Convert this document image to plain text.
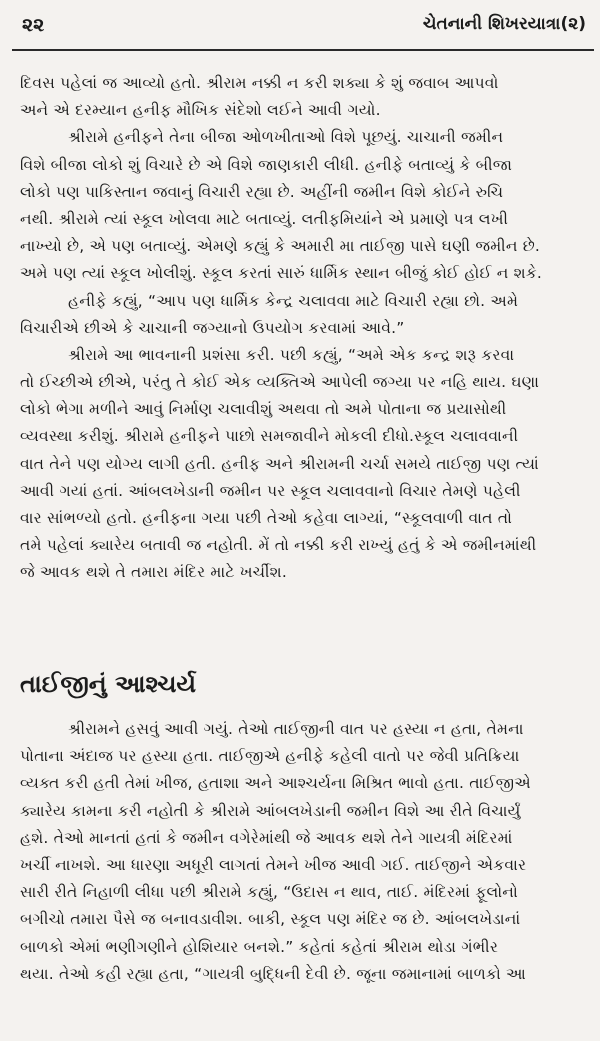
૨૨	ચેતનાની શિખરયાત્રા(૨)
દિવસ પહેલાં જ આવ્યો હતો. શ્રીરામ નક્કી ન કરી શક્યા કે શું જવાબ આપવો
અને એ દરમ્યાન હનીફ મૌખિક સંદેશો લઈને આવી ગયો.
શ્રીરામે હનીફને તેના બીજા ઓળખીતાઓ વિશે પૂછયું. ચાચાની જમીન
વિશે બીજા લોકો શું વિચારે છે એ વિશે જાણકારી લીધી. હનીફે બતાવ્યું કે બીજા
લોકો પણ પાકિસ્તાન જવાનું વિચારી રહ્યા છે. અહીંની જમીન વિશે કોઈને રુચિ
નથી. શ્રીરામે ત્યાં સ્કૂલ ખોલવા માટે બતાવ્યું. લતીફમિયાંને એ પ્રમાણે પત્ર લખી
નાખ્યો છે, એ પણ બતાવ્યું. એમણે કહ્યું કે અમારી મા તાઈજી પાસે ઘણી જમીન છે.
અમે પણ ત્યાં સ્કૂલ ખોલીશું. સ્કૂલ કરતાં સારું ધાર્મિક સ્થાન બીજું કોઈ હોઈ ન શકે.
હનીફે કહ્યું, “આપ પણ ધાર્મિક કેન્દ્ર ચલાવવા માટે વિચારી રહ્યા છો. અમે
વિચારીએ છીએ કે ચાચાની જગ્યાનો ઉપયોગ કરવામાં આવે.”
શ્રીરામે આ ભાવનાની પ્રશંસા કરી. પછી કહ્યું, “અમે એક કન્દ્ર શરૂ કરવા
તો ઈચ્છીએ છીએ, પરંતુ તે કોઈ એક વ્યક્તિએ આપેલી જગ્યા પર નહિ થાય. ઘણા
લોકો ભેગા મળીને આવું નિર્માણ ચલાવીશું અથવા તો અમે પોતાના જ પ્રયાસોથી
વ્યવસ્થા કરીશું. શ્રીરામે હનીફને પાછો સમજાવીને મોકલી દીધો.સ્કૂલ ચલાવવાની
વાત તેને પણ યોગ્ય લાગી હતી. હનીફ અને શ્રીરામની ચર્ચા સમયે તાઈજી પણ ત્યાં
આવી ગયાં હતાં. આંબલખેડાની જમીન પર સ્કૂલ ચલાવવાનો વિચાર તેમણે પહેલી
વાર સાંભળ્યો હતો. હનીફના ગયા પછી તેઓ કહેવા લાગ્યાં, “સ્કૂલવાળી વાત તો
તમે પહેલાં ક્યારેય બતાવી જ નહોતી. મેં તો નક્કી કરી રાખ્યું હતું કે એ જમીનમાંથી
જે આવક થશે તે તમારા મંદિર માટે ખર્ચીશ.
તાઈજીનું આશ્ચર્ય
શ્રીરામને હસવું આવી ગયું. તેઓ તાઈજીની વાત પર હસ્યા ન હતા, તેમના
પોતાના અંદાજ પર હસ્યા હતા. તાઈજીએ હનીફે કહેલી વાતો પર જેવી પ્રતિક્રિયા
વ્યક્ત કરી હતી તેમાં ખીજ, હતાશા અને આશ્ચર્યના મિશ્રિત ભાવો હતા. તાઈજીએ
ક્યારેય કામના કરી નહોતી કે શ્રીરામે આંબલખેડાની જમીન વિશે આ રીતે વિચાર્યું
હશે. તેઓ માનતાં હતાં કે જમીન વગેરેમાંથી જે આવક થશે તેને ગાયત્રી મંદિરમાં
ખર્ચી નાખશે. આ ધારણા અધૂરી લાગતાં તેમને ખીજ આવી ગઈ. તાઈજીને એકવાર
સારી રીતે નિહાળી લીધા પછી શ્રીરામે કહ્યું, “ઉદાસ ન થાવ, તાઈ. મંદિરમાં ફૂલોનો
બગીચો તમારા પૈસે જ બનાવડાવીશ. બાકી, સ્કૂલ પણ મંદિર જ છે. આંબલખેડાનાં
બાળકો એમાં ભણીગણીને હોશિયાર બનશે.” કહેતાં કહેતાં શ્રીરામ થોડા ગંભીર
થયા. તેઓ કહી રહ્યા હતા, “ગાયત્રી બુદ્ધિની દેવી છે. જૂના જમાનામાં બાળકો આ
